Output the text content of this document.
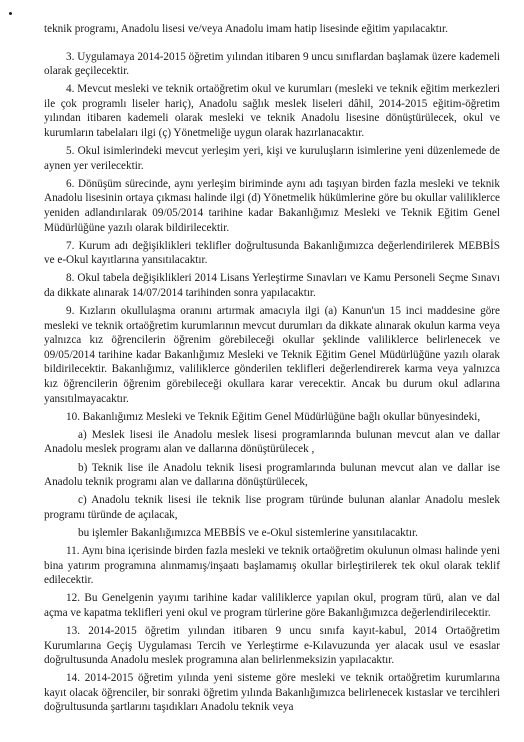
teknik programı, Anadolu lisesi ve/veya Anadolu imam hatip lisesinde eğitim yapılacaktır.

3. Uygulamaya 2014-2015 öğretim yılından itibaren 9 uncu sınıflardan başlamak üzere kademeli olarak geçilecektir.

4. Mevcut mesleki ve teknik ortaöğretim okul ve kurumları (mesleki ve teknik eğitim merkezleri ile çok programlı liseler hariç), Anadolu sağlık meslek liseleri dâhil, 2014-2015 eğitim-öğretim yılından itibaren kademeli olarak mesleki ve teknik Anadolu lisesine dönüştürülecek, okul ve kurumların tabelaları ilgi (ç) Yönetmeliğe uygun olarak hazırlanacaktır.

5. Okul isimlerindeki mevcut yerleşim yeri, kişi ve kuruluşların isimlerine yeni düzenlemede de aynen yer verilecektir.

6. Dönüşüm sürecinde, aynı yerleşim biriminde aynı adı taşıyan birden fazla mesleki ve teknik Anadolu lisesinin ortaya çıkması halinde ilgi (d) Yönetmelik hükümlerine göre bu okullar valiliklerce yeniden adlandırılarak 09/05/2014 tarihine kadar Bakanlığımız Mesleki ve Teknik Eğitim Genel Müdürlüğüne yazılı olarak bildirilecektir.

7. Kurum adı değişiklikleri teklifler doğrultusunda Bakanlığımızca değerlendirilerek MEBBİS ve e-Okul kayıtlarına yansıtılacaktır.

8. Okul tabela değişiklikleri 2014 Lisans Yerleştirme Sınavları ve Kamu Personeli Seçme Sınavı da dikkate alınarak 14/07/2014 tarihinden sonra yapılacaktır.

9. Kızların okullulaşma oranını artırmak amacıyla ilgi (a) Kanun'un 15 inci maddesine göre mesleki ve teknik ortaöğretim kurumlarının mevcut durumları da dikkate alınarak okulun karma veya yalnızca kız öğrencilerin öğrenim görebileceği okullar şeklinde valiliklerce belirlenecek ve 09/05/2014 tarihine kadar Bakanlığımız Mesleki ve Teknik Eğitim Genel Müdürlüğüne yazılı olarak bildirilecektir. Bakanlığımız, valiliklerce gönderilen teklifleri değerlendirerek karma veya yalnızca kız öğrencilerin öğrenim görebileceği okullara karar verecektir. Ancak bu durum okul adlarına yansıtılmayacaktır.

10. Bakanlığımız Mesleki ve Teknik Eğitim Genel Müdürlüğüne bağlı okullar bünyesindeki,

a) Meslek lisesi ile Anadolu meslek lisesi programlarında bulunan mevcut alan ve dallar Anadolu meslek programı alan ve dallarına dönüştürülecek ,

b) Teknik lise ile Anadolu teknik lisesi programlarında bulunan mevcut alan ve dallar ise Anadolu teknik programı alan ve dallarına dönüştürülecek,

c) Anadolu teknik lisesi ile teknik lise program türünde bulunan alanlar Anadolu meslek programı türünde de açılacak,

bu işlemler Bakanlığımızca MEBBİS ve e-Okul sistemlerine yansıtılacaktır.

11. Aynı bina içerisinde birden fazla mesleki ve teknik ortaöğretim okulunun olması halinde yeni bina yatırım programına alınmamış/inşaatı başlamamış okullar birleştirilerek tek okul olarak teklif edilecektir.

12. Bu Genelgenin yayımı tarihine kadar valiliklerce yapılan okul, program türü, alan ve dal açma ve kapatma teklifleri yeni okul ve program türlerine göre Bakanlığımızca değerlendirilecektir.

13. 2014-2015 öğretim yılından itibaren 9 uncu sınıfa kayıt-kabul, 2014 Ortaöğretim Kurumlarına Geçiş Uygulaması Tercih ve Yerleştirme e-Kılavuzunda yer alacak usul ve esaslar doğrultusunda Anadolu meslek programına alan belirlenmeksizin yapılacaktır.

14. 2014-2015 öğretim yılında yeni sisteme göre mesleki ve teknik ortaöğretim kurumlarına kayıt olacak öğrenciler, bir sonraki öğretim yılında Bakanlığımızca belirlenecek kıstaslar ve tercihleri doğrultusunda şartlarını taşıdıkları Anadolu teknik veya
